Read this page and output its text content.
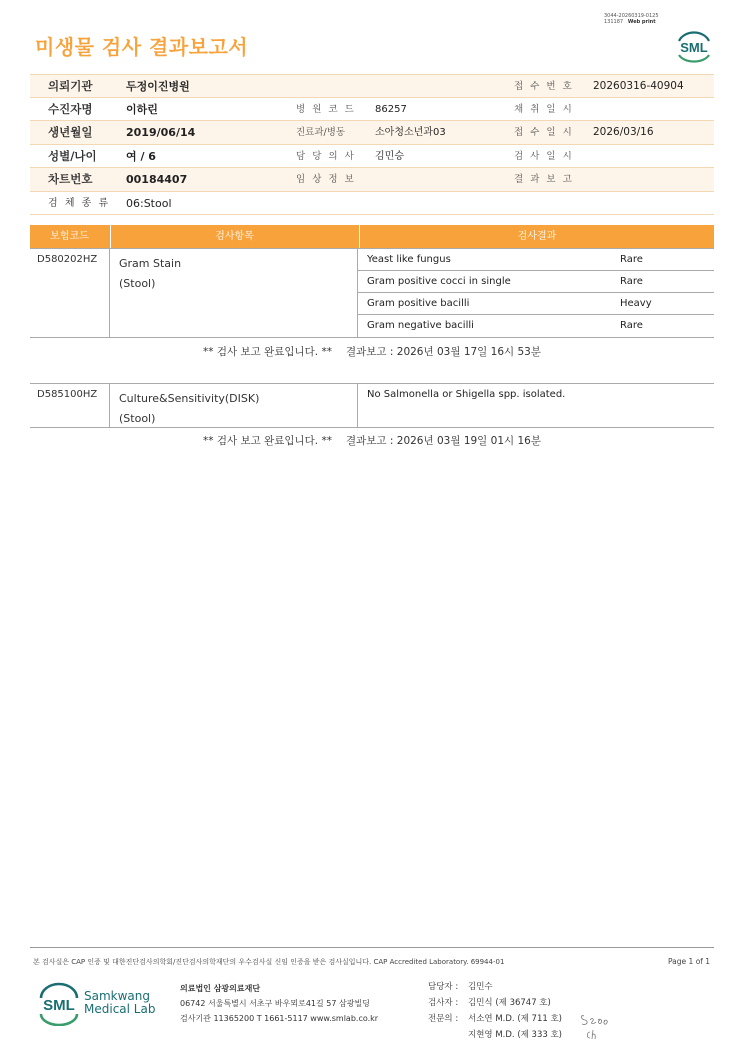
3044-20260319-0125
131187 Web print
미생물 검사 결과보고서	SML
의뢰기관	두정이진병원	접 수 번 호 20260316-40904
수진자명	이하린	병 원 코 드 86257	채 취 일 시
생년월일	2019/06/14	진료과/병동	소아청소년과03	접 수 일 시 2026/03/16
성별/나이	여 / 6	담 당 의 사 김민승	검 사 일 시
차트번호	00184407	임 상 정 보	결 과 보 고
검 체 종 류 06:Stool
보험코드	검사항목	검사결과
D580202HZ Gram Stain
(Stool)
Yeast like fungus	Rare
Gram positive cocci in single	Rare
Gram positive bacilli	Heavy
Gram negative bacilli	Rare
** 검사 보고 완료입니다. ** 결과보고 : 2026년 03월 17일 16시 53분
D585100HZ Culture&Sensitivity(DISK)
(Stool)
No Salmonella or Shigella spp. isolated.
** 검사 보고 완료입니다. ** 결과보고 : 2026년 03월 19일 01시 16분
본 검사실은 CAP 인증 및 대한진단검사의학회/진단검사의학재단의 우수검사실 신임 인증을 받은 검사실입니다. CAP Accredited Laboratory. 69944-01	Page 1 of 1
SML
Samkwang
Medical Lab
의료법인 삼광의료재단
06742 서울특별시 서초구 바우뫼로41길 57 삼광빌딩
검사기관 11365200 T 1661-5117 www.smlab.co.kr
담당자 : 김민수
검사자 : 김민식 (제 36747 호)
전문의 : 서소연 M.D. (제 711 호)
지현영 M.D. (제 333 호)
